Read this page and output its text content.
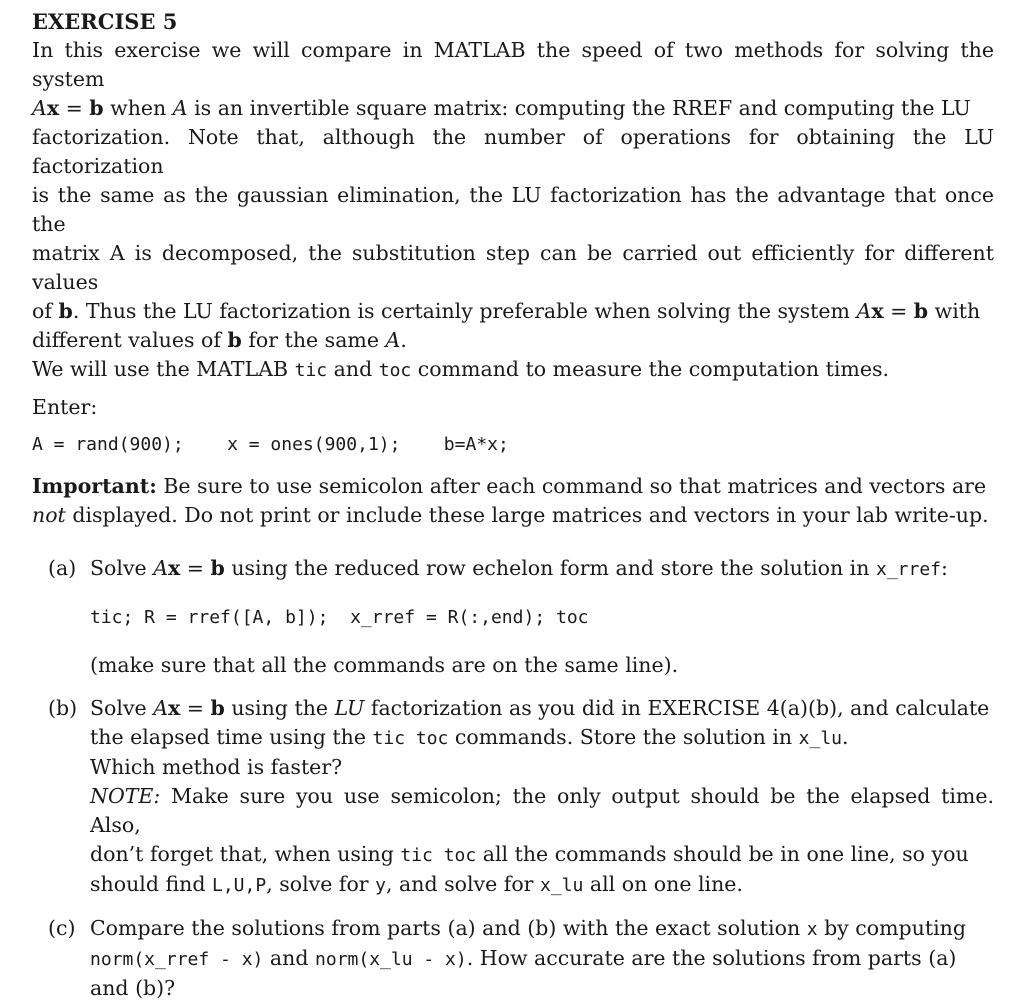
EXERCISE 5

In this exercise we will compare in MATLAB the speed of two methods for solving the system

Ax = b when A is an invertible square matrix: computing the RREF and computing the LU

factorization. Note that, although the number of operations for obtaining the LU factorization

is the same as the gaussian elimination, the LU factorization has the advantage that once the

matrix A is decomposed, the substitution step can be carried out efficiently for different values

of b. Thus the LU factorization is certainly preferable when solving the system Ax = b with

different values of b for the same A.

We will use the MATLAB tic and toc command to measure the computation times.

Enter:

A = rand(900);    x = ones(900,1);    b=A*x;

Important: Be sure to use semicolon after each command so that matrices and vectors are

not displayed. Do not print or include these large matrices and vectors in your lab write-up.

(a) Solve Ax = b using the reduced row echelon form and store the solution in x_rref:

tic; R = rref([A, b]);  x_rref = R(:,end); toc

(make sure that all the commands are on the same line).

(b) Solve Ax = b using the LU factorization as you did in EXERCISE 4(a)(b), and calculate

the elapsed time using the tic toc commands. Store the solution in x_lu.

Which method is faster?

NOTE: Make sure you use semicolon; the only output should be the elapsed time. Also,

don’t forget that, when using tic toc all the commands should be in one line, so you

should find L,U,P, solve for y, and solve for x_lu all on one line.

(c) Compare the solutions from parts (a) and (b) with the exact solution x by computing

norm(x_rref - x) and norm(x_lu - x). How accurate are the solutions from parts (a)

and (b)?
